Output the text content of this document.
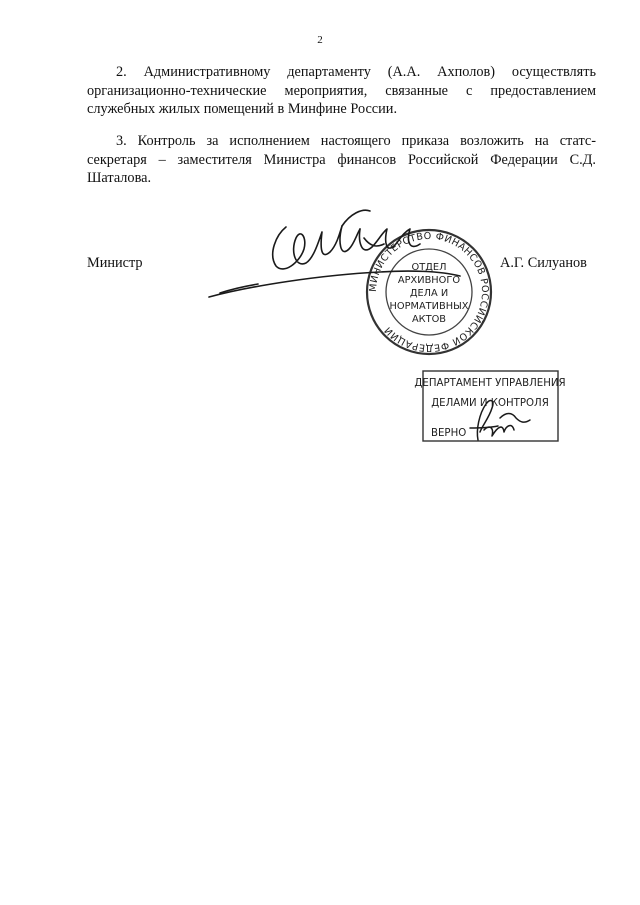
2

2. Административному департаменту (А.А. Ахполов) осуществлять организационно-технические мероприятия, связанные с предоставлением служебных жилых помещений в Минфине России.

3. Контроль за исполнением настоящего приказа возложить на статс-секретаря – заместителя Министра финансов Российской Федерации С.Д. Шаталова.

Министр	А.Г. Силуанов
МИНИСТЕРСТВО ФИНАНСОВ РОССИЙСКОЙ ФЕДЕРАЦИИ
ОТДЕЛ
АРХИВНОГО
ДЕЛА И
НОРМАТИВНЫХ
АКТОВ
ДЕПАРТАМЕНТ УПРАВЛЕНИЯ
ДЕЛАМИ И КОНТРОЛЯ
ВЕРНО
